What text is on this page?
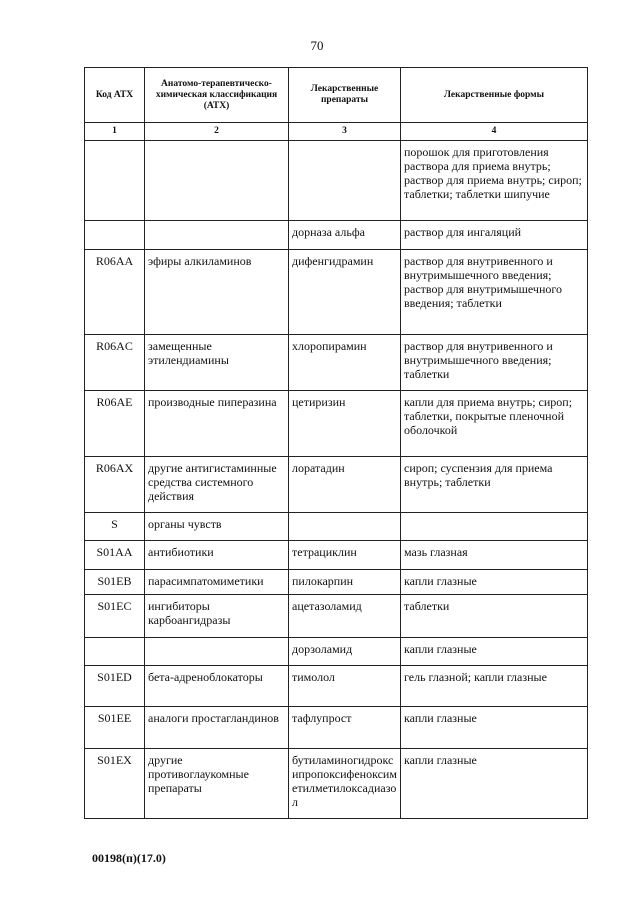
70
Код АТХ	Анатомо-терапевтическо-химическая классификация (АТХ)	Лекарственные препараты	Лекарственные формы
1	2	3	4
			порошок для приготовления раствора для приема внутрь; раствор для приема внутрь; сироп; таблетки; таблетки шипучие
		дорназа альфа	раствор для ингаляций
R06AA	эфиры алкиламинов	дифенгидрамин	раствор для внутривенного и внутримышечного введения; раствор для внутримышечного введения; таблетки
R06AC	замещенные этилендиамины	хлоропирамин	раствор для внутривенного и внутримышечного введения; таблетки
R06AE	производные пиперазина	цетиризин	капли для приема внутрь; сироп; таблетки, покрытые пленочной оболочкой
R06AX	другие антигистаминные средства системного действия	лоратадин	сироп; суспензия для приема внутрь; таблетки
S	органы чувств		
S01AA	антибиотики	тетрациклин	мазь глазная
S01EB	парасимпатомиметики	пилокарпин	капли глазные
S01EC	ингибиторы карбоангидразы	ацетазоламид	таблетки
		дорзоламид	капли глазные
S01ED	бета-адреноблокаторы	тимолол	гель глазной; капли глазные
S01EE	аналоги простагландинов	тафлупрост	капли глазные
S01EX	другие противоглаукомные препараты	бутиламиногидроксипропоксифеноксиметилметилоксадиазол	капли глазные
00198(п)(17.0)
